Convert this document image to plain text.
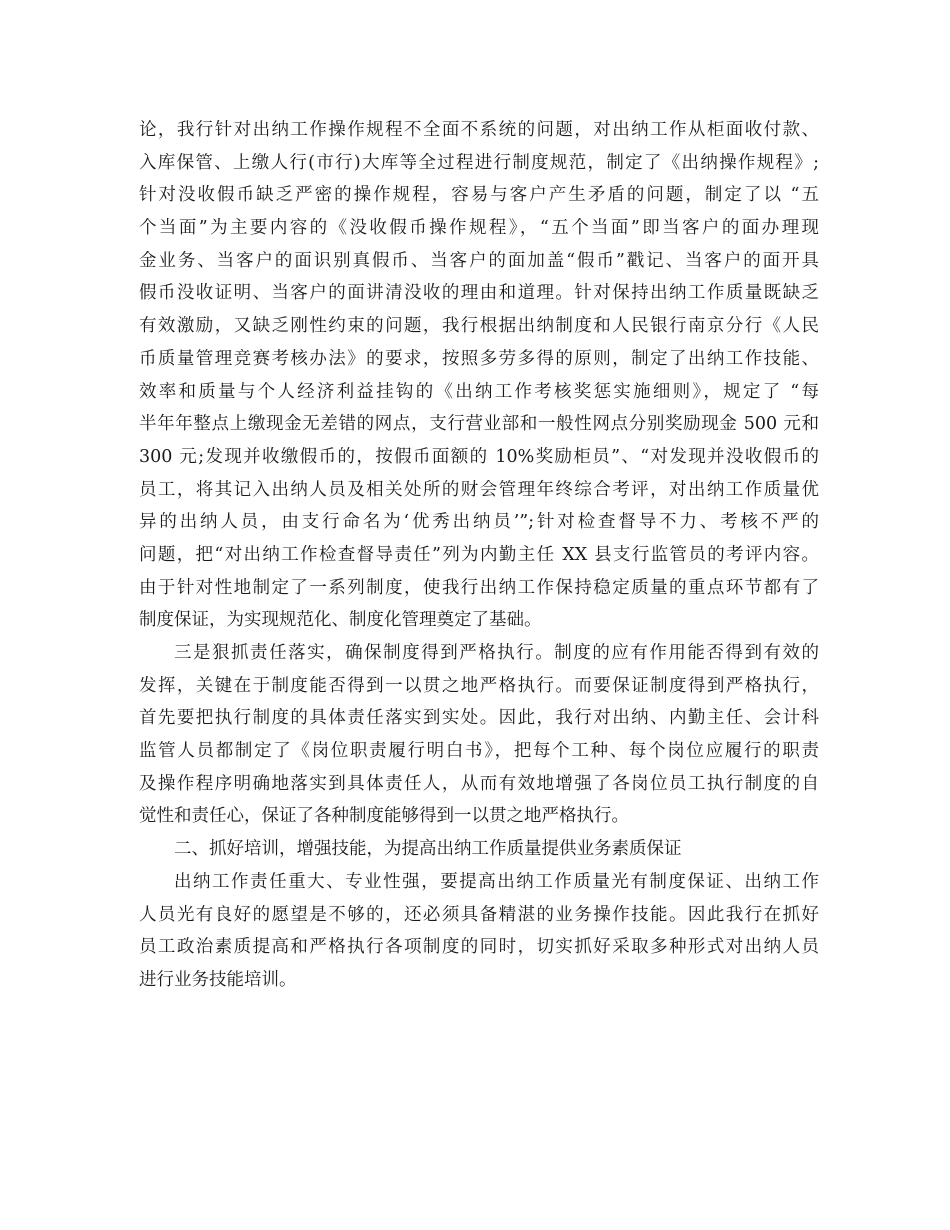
论，我行针对出纳工作操作规程不全面不系统的问题，对出纳工作从柜面收付款、
入库保管、上缴人行(市行)大库等全过程进行制度规范，制定了《出纳操作规程》;
针对没收假币缺乏严密的操作规程，容易与客户产生矛盾的问题，制定了以 “五
个当面”为主要内容的《没收假币操作规程》，“五个当面”即当客户的面办理现
金业务、当客户的面识别真假币、当客户的面加盖“假币”戳记、当客户的面开具
假币没收证明、当客户的面讲清没收的理由和道理。针对保持出纳工作质量既缺乏
有效激励，又缺乏刚性约束的问题，我行根据出纳制度和人民银行南京分行《人民
币质量管理竞赛考核办法》的要求，按照多劳多得的原则，制定了出纳工作技能、
效率和质量与个人经济利益挂钩的《出纳工作考核奖惩实施细则》，规定了 “每
半年年整点上缴现金无差错的网点，支行营业部和一般性网点分别奖励现金 500 元和
300 元;发现并收缴假币的，按假币面额的 10%奖励柜员”、“对发现并没收假币的
员工，将其记入出纳人员及相关处所的财会管理年终综合考评，对出纳工作质量优
异的出纳人员，由支行命名为‘优秀出纳员’”;针对检查督导不力、考核不严的
问题，把“对出纳工作检查督导责任”列为内勤主任 XX 县支行监管员的考评内容。
由于针对性地制定了一系列制度，使我行出纳工作保持稳定质量的重点环节都有了
制度保证，为实现规范化、制度化管理奠定了基础。
三是狠抓责任落实，确保制度得到严格执行。制度的应有作用能否得到有效的
发挥，关键在于制度能否得到一以贯之地严格执行。而要保证制度得到严格执行，
首先要把执行制度的具体责任落实到实处。因此，我行对出纳、内勤主任、会计科
监管人员都制定了《岗位职责履行明白书》，把每个工种、每个岗位应履行的职责
及操作程序明确地落实到具体责任人，从而有效地增强了各岗位员工执行制度的自
觉性和责任心，保证了各种制度能够得到一以贯之地严格执行。
二、抓好培训，增强技能，为提高出纳工作质量提供业务素质保证
出纳工作责任重大、专业性强，要提高出纳工作质量光有制度保证、出纳工作
人员光有良好的愿望是不够的，还必须具备精湛的业务操作技能。因此我行在抓好
员工政治素质提高和严格执行各项制度的同时，切实抓好采取多种形式对出纳人员
进行业务技能培训。
